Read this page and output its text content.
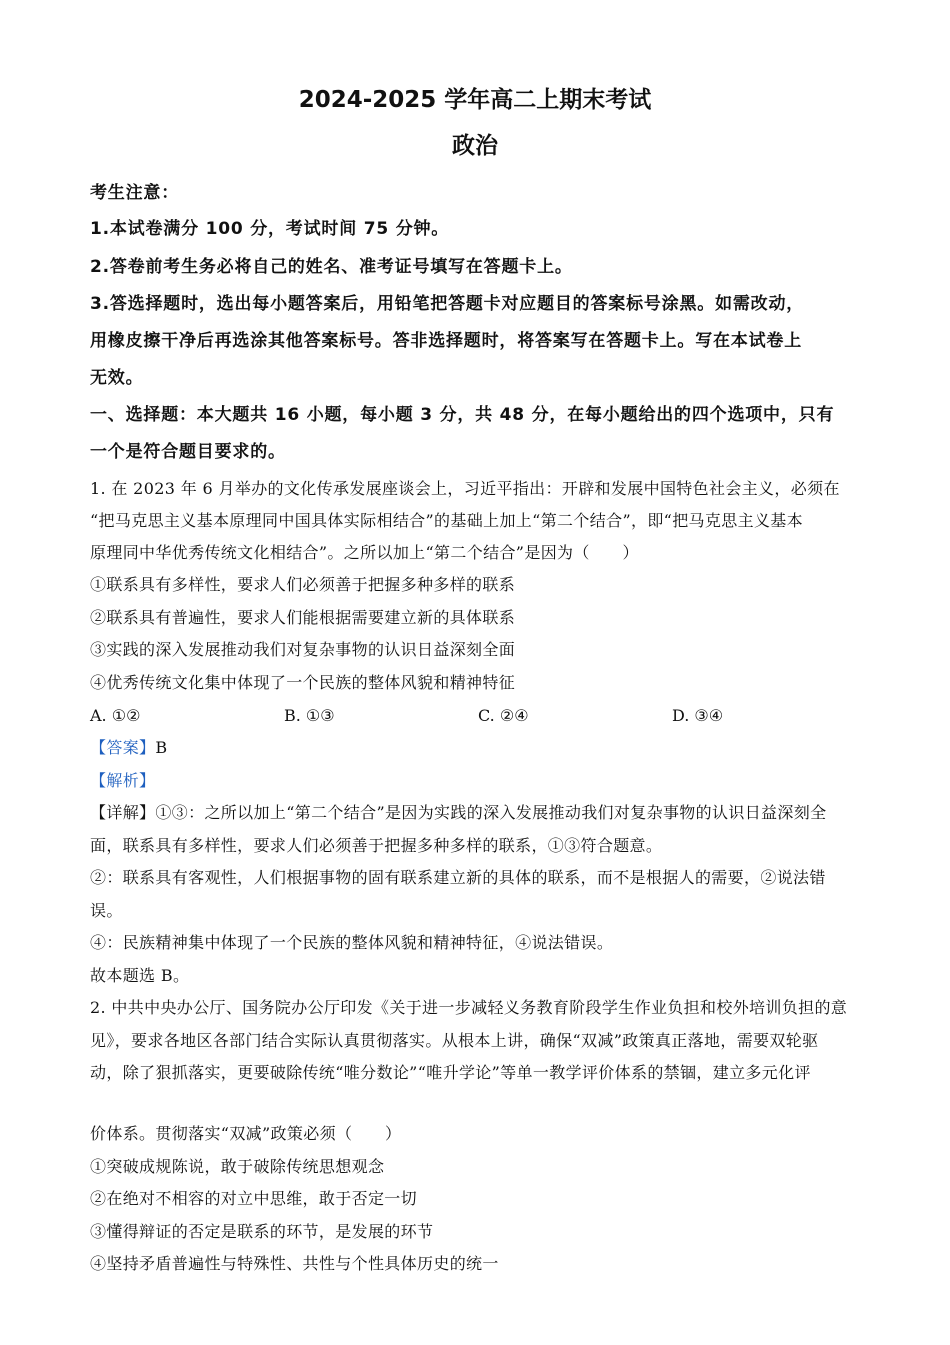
2024-2025 学年高二上期末考试
政治
考生注意：
1.本试卷满分 100 分，考试时间 75 分钟。
2.答卷前考生务必将自己的姓名、准考证号填写在答题卡上。
3.答选择题时，选出每小题答案后，用铅笔把答题卡对应题目的答案标号涂黑。如需改动，
用橡皮擦干净后再选涂其他答案标号。答非选择题时，将答案写在答题卡上。写在本试卷上
无效。
一、选择题：本大题共 16 小题，每小题 3 分，共 48 分，在每小题给出的四个选项中，只有
一个是符合题目要求的。
1. 在 2023 年 6 月举办的文化传承发展座谈会上，习近平指出：开辟和发展中国特色社会主义，必须在
“把马克思主义基本原理同中国具体实际相结合”的基础上加上“第二个结合”，即“把马克思主义基本
原理同中华优秀传统文化相结合”。之所以加上“第二个结合”是因为（　　）
①联系具有多样性，要求人们必须善于把握多种多样的联系
②联系具有普遍性，要求人们能根据需要建立新的具体联系
③实践的深入发展推动我们对复杂事物的认识日益深刻全面
④优秀传统文化集中体现了一个民族的整体风貌和精神特征
A. ①②	B. ①③	C. ②④	D. ③④
【答案】B
【解析】
【详解】①③：之所以加上“第二个结合”是因为实践的深入发展推动我们对复杂事物的认识日益深刻全
面，联系具有多样性，要求人们必须善于把握多种多样的联系，①③符合题意。
②：联系具有客观性，人们根据事物的固有联系建立新的具体的联系，而不是根据人的需要，②说法错
误。
④：民族精神集中体现了一个民族的整体风貌和精神特征，④说法错误。
故本题选 B。
2. 中共中央办公厅、国务院办公厅印发《关于进一步减轻义务教育阶段学生作业负担和校外培训负担的意
见》，要求各地区各部门结合实际认真贯彻落实。从根本上讲，确保“双减”政策真正落地，需要双轮驱
动，除了狠抓落实，更要破除传统“唯分数论”“唯升学论”等单一教学评价体系的禁锢，建立多元化评
价体系。贯彻落实“双减”政策必须（　　）
①突破成规陈说，敢于破除传统思想观念
②在绝对不相容的对立中思维，敢于否定一切
③懂得辩证的否定是联系的环节，是发展的环节
④坚持矛盾普遍性与特殊性、共性与个性具体历史的统一
